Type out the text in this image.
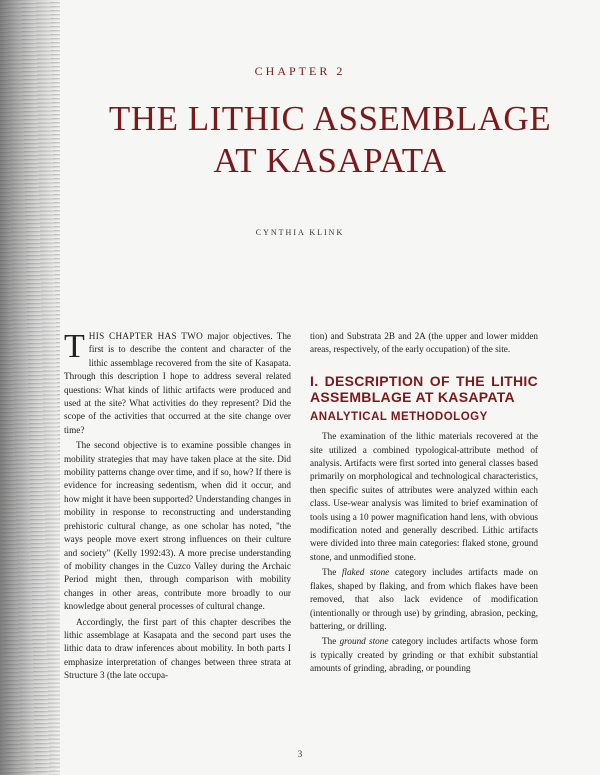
CHAPTER 2
THE LITHIC ASSEMBLAGE
AT KASAPATA
CYNTHIA KLINK

THIS CHAPTER HAS TWO major objectives. The first is to describe the content and character of the lithic assemblage recovered from the site of Kasapata. Through this description I hope to address several related questions: What kinds of lithic artifacts were produced and used at the site? What activities do they represent? Did the scope of the activities that occurred at the site change over time?

The second objective is to examine possible changes in mobility strategies that may have taken place at the site. Did mobility patterns change over time, and if so, how? If there is evidence for increasing sedentism, when did it occur, and how might it have been supported? Understanding changes in mobility in response to reconstructing and understanding prehistoric cultural change, as one scholar has noted, "the ways people move exert strong influences on their culture and society" (Kelly 1992:43). A more precise understanding of mobility changes in the Cuzco Valley during the Archaic Period might then, through comparison with mobility changes in other areas, contribute more broadly to our knowledge about general processes of cultural change.

Accordingly, the first part of this chapter describes the lithic assemblage at Kasapata and the second part uses the lithic data to draw inferences about mobility. In both parts I emphasize interpretation of changes between three strata at Structure 3 (the late occupa-

tion) and Substrata 2B and 2A (the upper and lower midden areas, respectively, of the early occupation) of the site.

I. DESCRIPTION OF THE LITHIC ASSEMBLAGE AT KASAPATA
ANALYTICAL METHODOLOGY

The examination of the lithic materials recovered at the site utilized a combined typological-attribute method of analysis. Artifacts were first sorted into general classes based primarily on morphological and technological characteristics, then specific suites of attributes were analyzed within each class. Use-wear analysis was limited to brief examination of tools using a 10 power magnification hand lens, with obvious modification noted and generally described. Lithic artifacts were divided into three main categories: flaked stone, ground stone, and unmodified stone.

The flaked stone category includes artifacts made on flakes, shaped by flaking, and from which flakes have been removed, that also lack evidence of modification (intentionally or through use) by grinding, abrasion, pecking, battering, or drilling.

The ground stone category includes artifacts whose form is typically created by grinding or that exhibit substantial amounts of grinding, abrading, or pounding

3
